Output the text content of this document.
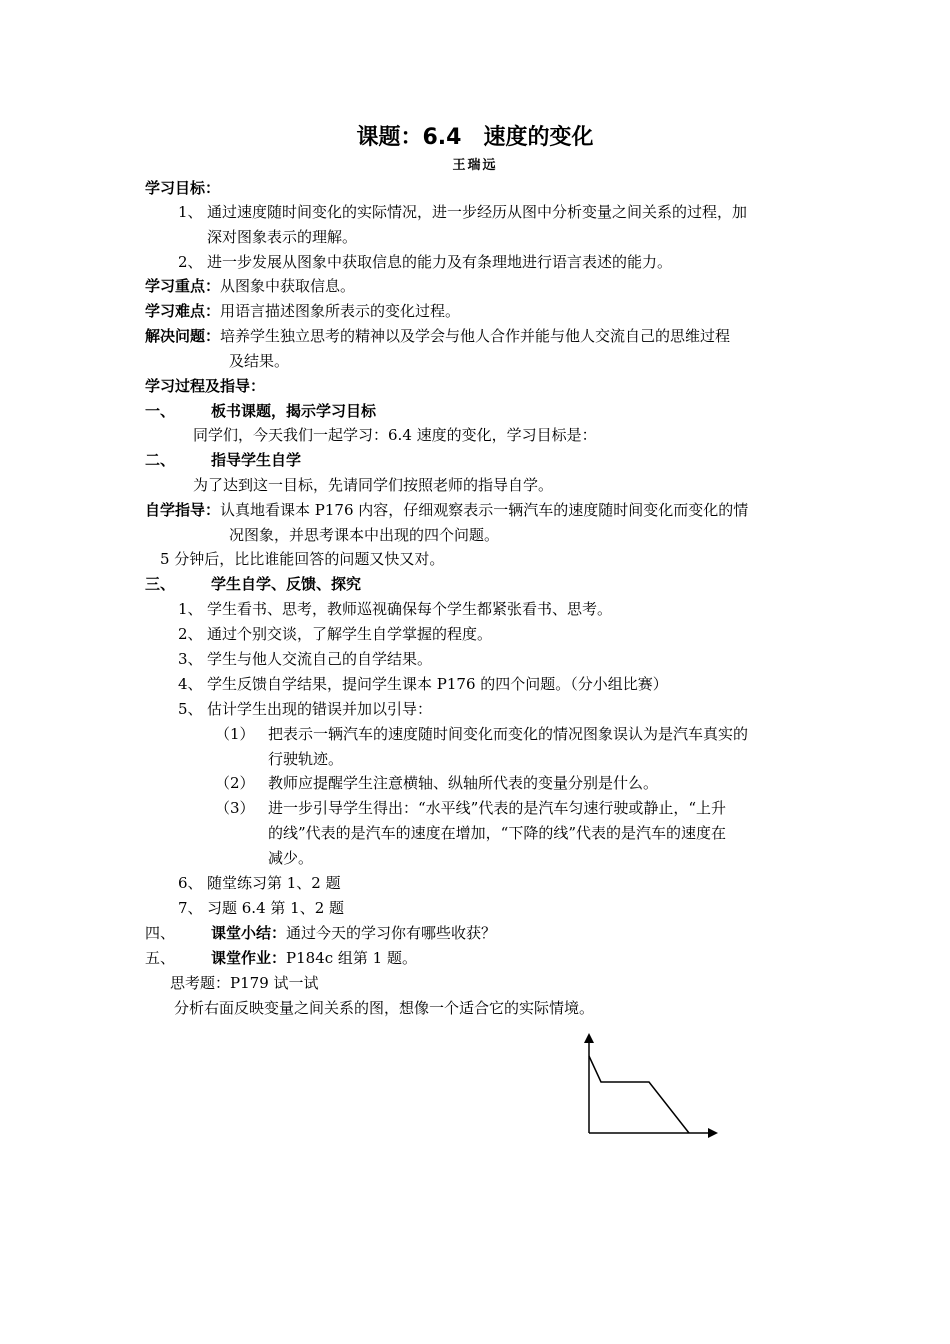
课题：6.4　速度的变化
王瑞远
学习目标：
1、 通过速度随时间变化的实际情况，进一步经历从图中分析变量之间关系的过程，加
深对图象表示的理解。
2、 进一步发展从图象中获取信息的能力及有条理地进行语言表述的能力。
学习重点：从图象中获取信息。
学习难点：用语言描述图象所表示的变化过程。
解决问题：培养学生独立思考的精神以及学会与他人合作并能与他人交流自己的思维过程
及结果。
学习过程及指导：
一、 板书课题，揭示学习目标
同学们，今天我们一起学习：6.4 速度的变化，学习目标是：
二、 指导学生自学
为了达到这一目标，先请同学们按照老师的指导自学。
自学指导：认真地看课本 P176 内容，仔细观察表示一辆汽车的速度随时间变化而变化的情
况图象，并思考课本中出现的四个问题。
5 分钟后，比比谁能回答的问题又快又对。
三、 学生自学、反馈、探究
1、 学生看书、思考，教师巡视确保每个学生都紧张看书、思考。
2、 通过个别交谈，了解学生自学掌握的程度。
3、 学生与他人交流自己的自学结果。
4、 学生反馈自学结果，提问学生课本 P176 的四个问题。（分小组比赛）
5、 估计学生出现的错误并加以引导：
（1） 把表示一辆汽车的速度随时间变化而变化的情况图象误认为是汽车真实的
行驶轨迹。
（2） 教师应提醒学生注意横轴、纵轴所代表的变量分别是什么。
（3） 进一步引导学生得出：“水平线”代表的是汽车匀速行驶或静止，“上升
的线”代表的是汽车的速度在增加，“下降的线”代表的是汽车的速度在
减少。
6、 随堂练习第 1、2 题
7、 习题 6.4 第 1、2 题
四、 课堂小结：通过今天的学习你有哪些收获？
五、 课堂作业：P184c 组第 1 题。
思考题：P179 试一试
分析右面反映变量之间关系的图，想像一个适合它的实际情境。
